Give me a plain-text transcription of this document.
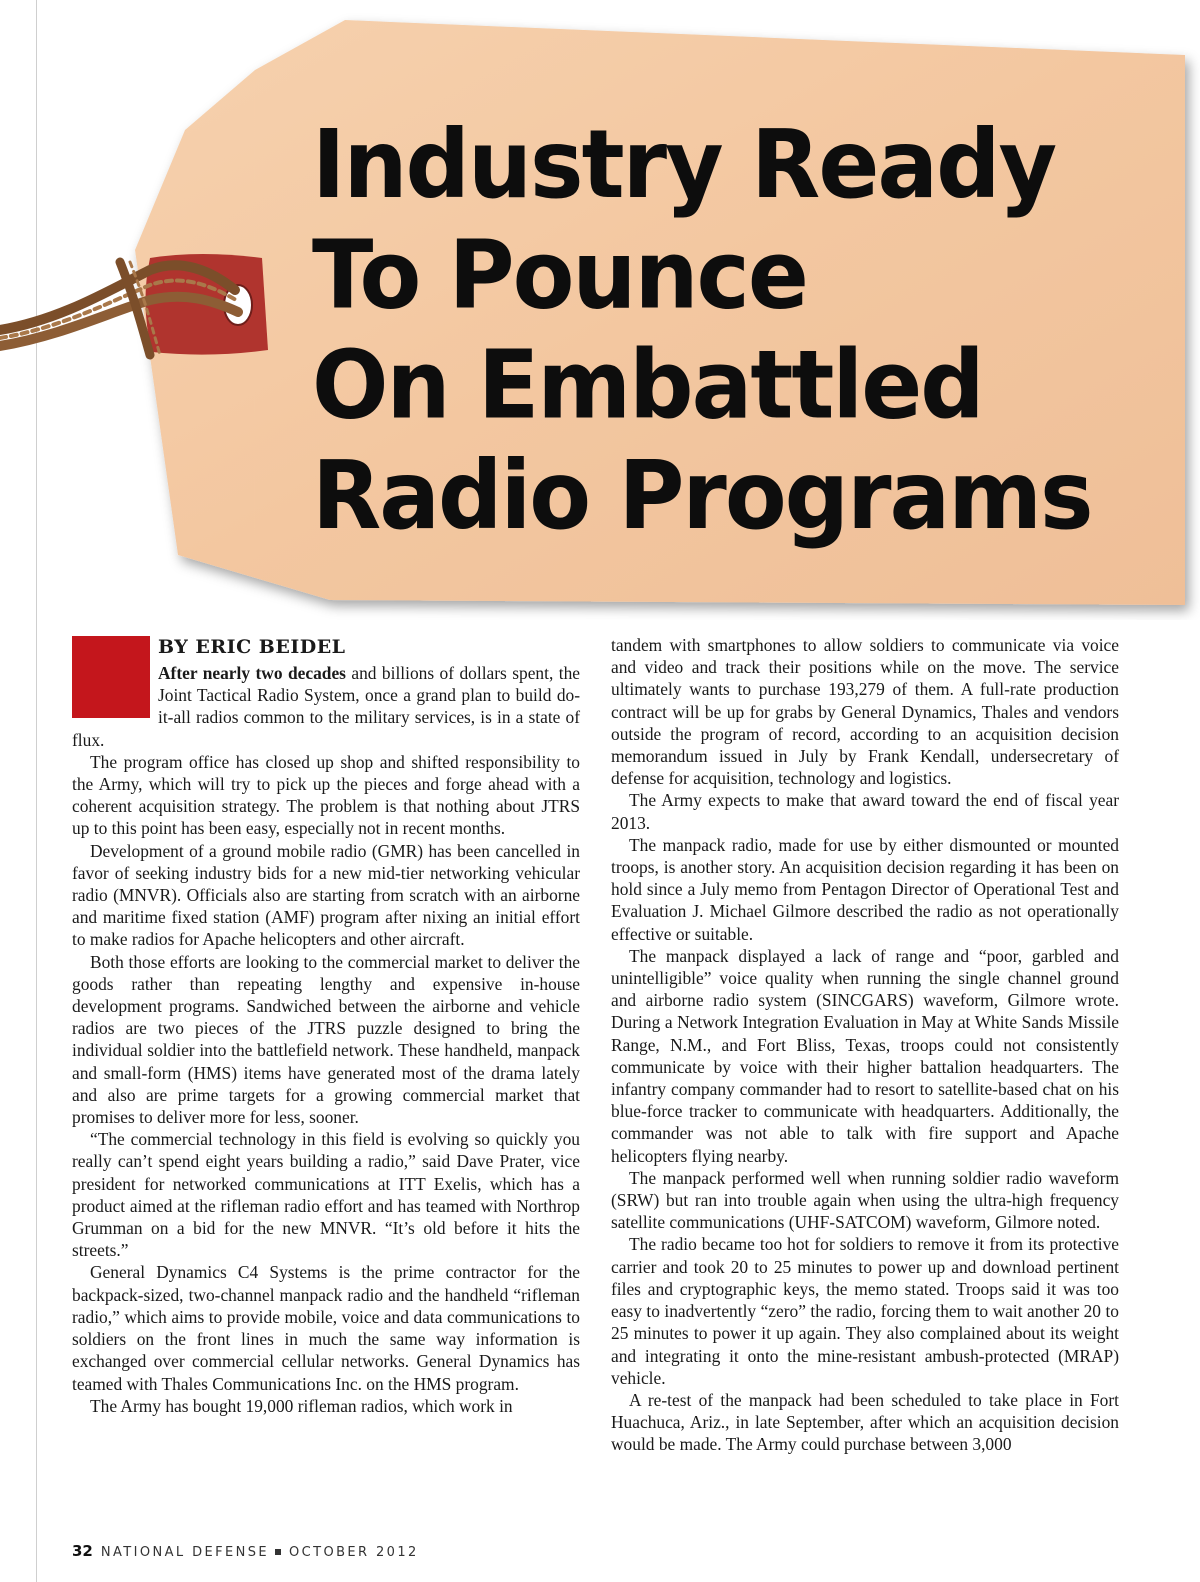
Industry Ready
To Pounce
On Embattled
Radio Programs
BY ERIC BEIDEL

After nearly two decades and billions of dollars spent, the Joint Tactical Radio System, once a grand plan to build do-it-all radios common to the military services, is in a state of flux.

The program office has closed up shop and shifted responsibility to the Army, which will try to pick up the pieces and forge ahead with a coherent acquisition strategy. The problem is that nothing about JTRS up to this point has been easy, especially not in recent months.

Development of a ground mobile radio (GMR) has been cancelled in favor of seeking industry bids for a new mid-tier networking vehicular radio (MNVR). Officials also are starting from scratch with an airborne and maritime fixed station (AMF) program after nixing an initial effort to make radios for Apache helicopters and other aircraft.

Both those efforts are looking to the commercial market to deliver the goods rather than repeating lengthy and expensive in-house development programs. Sandwiched between the airborne and vehicle radios are two pieces of the JTRS puzzle designed to bring the individual soldier into the battlefield network. These handheld, manpack and small-form (HMS) items have generated most of the drama lately and also are prime targets for a growing commercial market that promises to deliver more for less, sooner.

“The commercial technology in this field is evolving so quickly you really can’t spend eight years building a radio,” said Dave Prater, vice president for networked communications at ITT Exelis, which has a product aimed at the rifleman radio effort and has teamed with Northrop Grumman on a bid for the new MNVR. “It’s old before it hits the streets.”

General Dynamics C4 Systems is the prime contractor for the backpack-sized, two-channel manpack radio and the handheld “rifleman radio,” which aims to provide mobile, voice and data communications to soldiers on the front lines in much the same way information is exchanged over commercial cellular networks. General Dynamics has teamed with Thales Communications Inc. on the HMS program.

The Army has bought 19,000 rifleman radios, which work in

tandem with smartphones to allow soldiers to communicate via voice and video and track their positions while on the move. The service ultimately wants to purchase 193,279 of them. A full-rate production contract will be up for grabs by General Dynamics, Thales and vendors outside the program of record, according to an acquisition decision memorandum issued in July by Frank Kendall, undersecretary of defense for acquisition, technology and logistics.

The Army expects to make that award toward the end of fiscal year 2013.

The manpack radio, made for use by either dismounted or mounted troops, is another story. An acquisition decision regarding it has been on hold since a July memo from Pentagon Director of Operational Test and Evaluation J. Michael Gilmore described the radio as not operationally effective or suitable.

The manpack displayed a lack of range and “poor, garbled and unintelligible” voice quality when running the single channel ground and airborne radio system (SINCGARS) waveform, Gilmore wrote. During a Network Integration Evaluation in May at White Sands Missile Range, N.M., and Fort Bliss, Texas, troops could not consistently communicate by voice with their higher battalion headquarters. The infantry company commander had to resort to satellite-based chat on his blue-force tracker to communicate with headquarters. Additionally, the commander was not able to talk with fire support and Apache helicopters flying nearby.

The manpack performed well when running soldier radio waveform (SRW) but ran into trouble again when using the ultra-high frequency satellite communications (UHF-SATCOM) waveform, Gilmore noted.

The radio became too hot for soldiers to remove it from its protective carrier and took 20 to 25 minutes to power up and download pertinent files and cryptographic keys, the memo stated. Troops said it was too easy to inadvertently “zero” the radio, forcing them to wait another 20 to 25 minutes to power it up again. They also complained about its weight and integrating it onto the mine-resistant ambush-protected (MRAP) vehicle.

A re-test of the manpack had been scheduled to take place in Fort Huachuca, Ariz., in late September, after which an acquisition decision would be made. The Army could purchase between 3,000

32 NATIONAL DEFENSE OCTOBER 2012
